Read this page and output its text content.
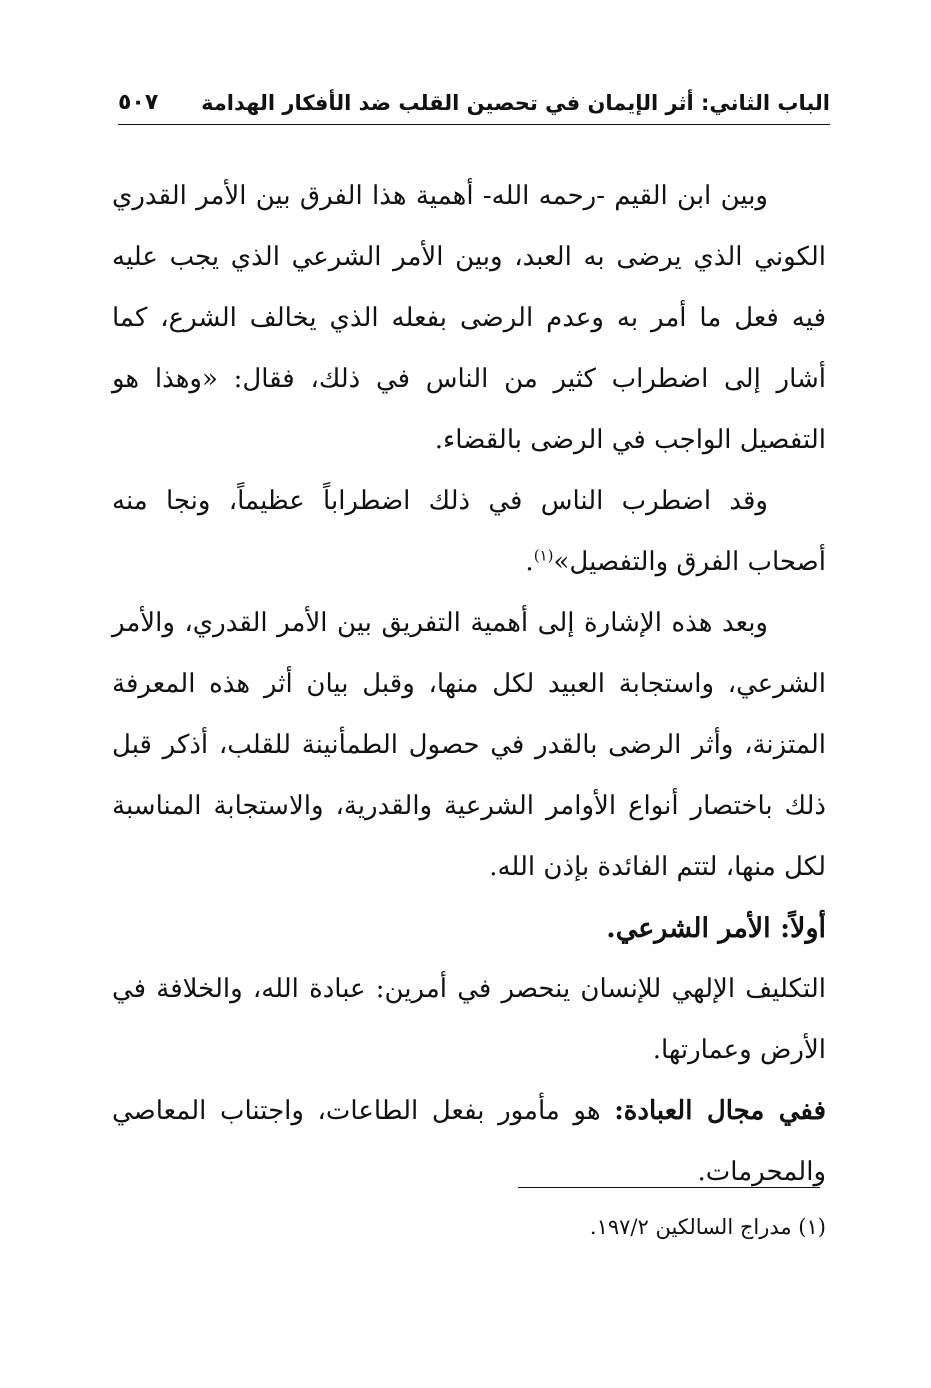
الباب الثاني: أثر الإيمان في تحصين القلب ضد الأفكار الهدامة
٥٠٧

وبين ابن القيم -رحمه الله- أهمية هذا الفرق بين الأمر القدري الكوني الذي يرضى به العبد، وبين الأمر الشرعي الذي يجب عليه فيه فعل ما أمر به وعدم الرضى بفعله الذي يخالف الشرع، كما أشار إلى اضطراب كثير من الناس في ذلك، فقال: «وهذا هو التفصيل الواجب في الرضى بالقضاء.

وقد اضطرب الناس في ذلك اضطراباً عظيماً، ونجا منه أصحاب الفرق والتفصيل»$^{(١)}$.

وبعد هذه الإشارة إلى أهمية التفريق بين الأمر القدري، والأمر الشرعي، واستجابة العبيد لكل منها، وقبل بيان أثر هذه المعرفة المتزنة، وأثر الرضى بالقدر في حصول الطمأنينة للقلب، أذكر قبل ذلك باختصار أنواع الأوامر الشرعية والقدرية، والاستجابة المناسبة لكل منها، لتتم الفائدة بإذن الله.

أولاً: الأمر الشرعي.

التكليف الإلهي للإنسان ينحصر في أمرين: عبادة الله، والخلافة في الأرض وعمارتها.

ففي مجال العبادة: هو مأمور بفعل الطاعات، واجتناب المعاصي والمحرمات.

(١) مدراج السالكين ١٩٧/٢.
